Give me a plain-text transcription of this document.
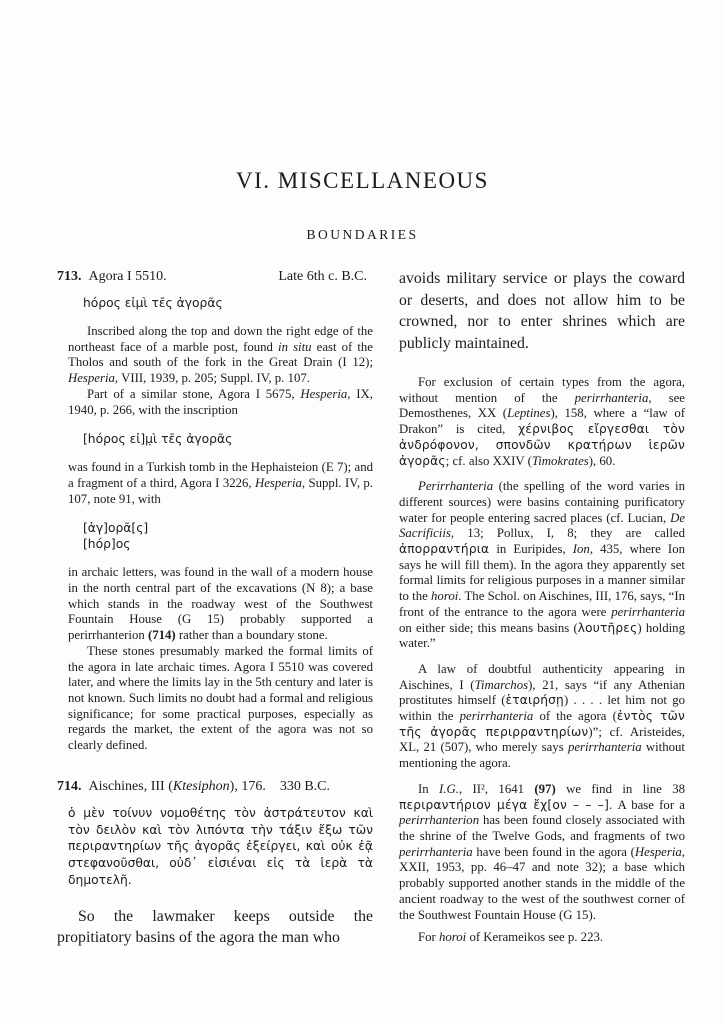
VI. MISCELLANEOUS
BOUNDARIES
713. Agora I 5510.	Late 6th c. B.C.
hόρος εἰμὶ τε̄ς ἀγορᾶς

Inscribed along the top and down the right edge of the northeast face of a marble post, found in situ east of the Tholos and south of the fork in the Great Drain (I 12); Hesperia, VIII, 1939, p. 205; Suppl. IV, p. 107.

Part of a similar stone, Agora I 5675, Hesperia, IX, 1940, p. 266, with the inscription

[hόρος εἰ]μ̣ὶ τε̄ς ἀγορᾶς

was found in a Turkish tomb in the Hephaisteion (E 7); and a fragment of a third, Agora I 3226, Hesperia, Suppl. IV, p. 107, note 91, with

[ἀγ]ορᾶ[ς]
[hόρ]ος

in archaic letters, was found in the wall of a modern house in the north central part of the excavations (N 8); a base which stands in the roadway west of the Southwest Fountain House (G 15) probably supported a perirrhanterion (714) rather than a boundary stone.

These stones presumably marked the formal limits of the agora in late archaic times. Agora I 5510 was covered later, and where the limits lay in the 5th century and later is not known. Such limits no doubt had a formal and religious significance; for some practical purposes, especially as regards the market, the extent of the agora was not so clearly defined.

714. Aischines, III (Ktesiphon), 176. 330 B.C.

ὁ μὲν τοίνυν νομοθέτης τὸν ἀστράτευτον καὶ τὸν δειλὸν καὶ τὸν λιπόντα τὴν τάξιν ἔξω τῶν περιραντηρίων τῆς ἀγορᾶς ἐξείργει, καὶ οὐκ ἐᾷ στεφανοῦσθαι, οὐδ᾽ εἰσιέναι εἰς τὰ ἱερὰ τὰ δημοτελῆ.

So the lawmaker keeps outside the propitiatory basins of the agora the man who

avoids military service or plays the coward or deserts, and does not allow him to be crowned, nor to enter shrines which are publicly maintained.

For exclusion of certain types from the agora, without mention of the perirrhanteria, see Demosthenes, XX (Leptines), 158, where a “law of Drakon” is cited, χέρνιβος εἴργεσθαι τὸν ἀνδρόφονον, σπονδῶν κρατήρων ἱερῶν ἀγορᾶς; cf. also XXIV (Timokrates), 60.

Perirrhanteria (the spelling of the word varies in different sources) were basins containing purificatory water for people entering sacred places (cf. Lucian, De Sacrificiis, 13; Pollux, I, 8; they are called ἀπορραντήρια in Euripides, Ion, 435, where Ion says he will fill them). In the agora they apparently set formal limits for religious purposes in a manner similar to the horoi. The Schol. on Aischines, III, 176, says, “In front of the entrance to the agora were perirrhanteria on either side; this means basins (λουτῆρες) holding water.”

A law of doubtful authenticity appearing in Aischines, I (Timarchos), 21, says “if any Athenian prostitutes himself (ἑταιρήσῃ) . . . . let him not go within the perirrhanteria of the agora (ἐντὸς τῶν τῆς ἀγορᾶς περιρραντηρίων)”; cf. Aristeides, XL, 21 (507), who merely says perirrhanteria without mentioning the agora.

In I.G., II², 1641 (97) we find in line 38 περιραντήριον μέγα ἔχ[ον – – –]. A base for a perirrhanterion has been found closely associated with the shrine of the Twelve Gods, and fragments of two perirrhanteria have been found in the agora (Hesperia, XXII, 1953, pp. 46–47 and note 32); a base which probably supported another stands in the middle of the ancient roadway to the west of the southwest corner of the Southwest Fountain House (G 15).

For horoi of Kerameikos see p. 223.
